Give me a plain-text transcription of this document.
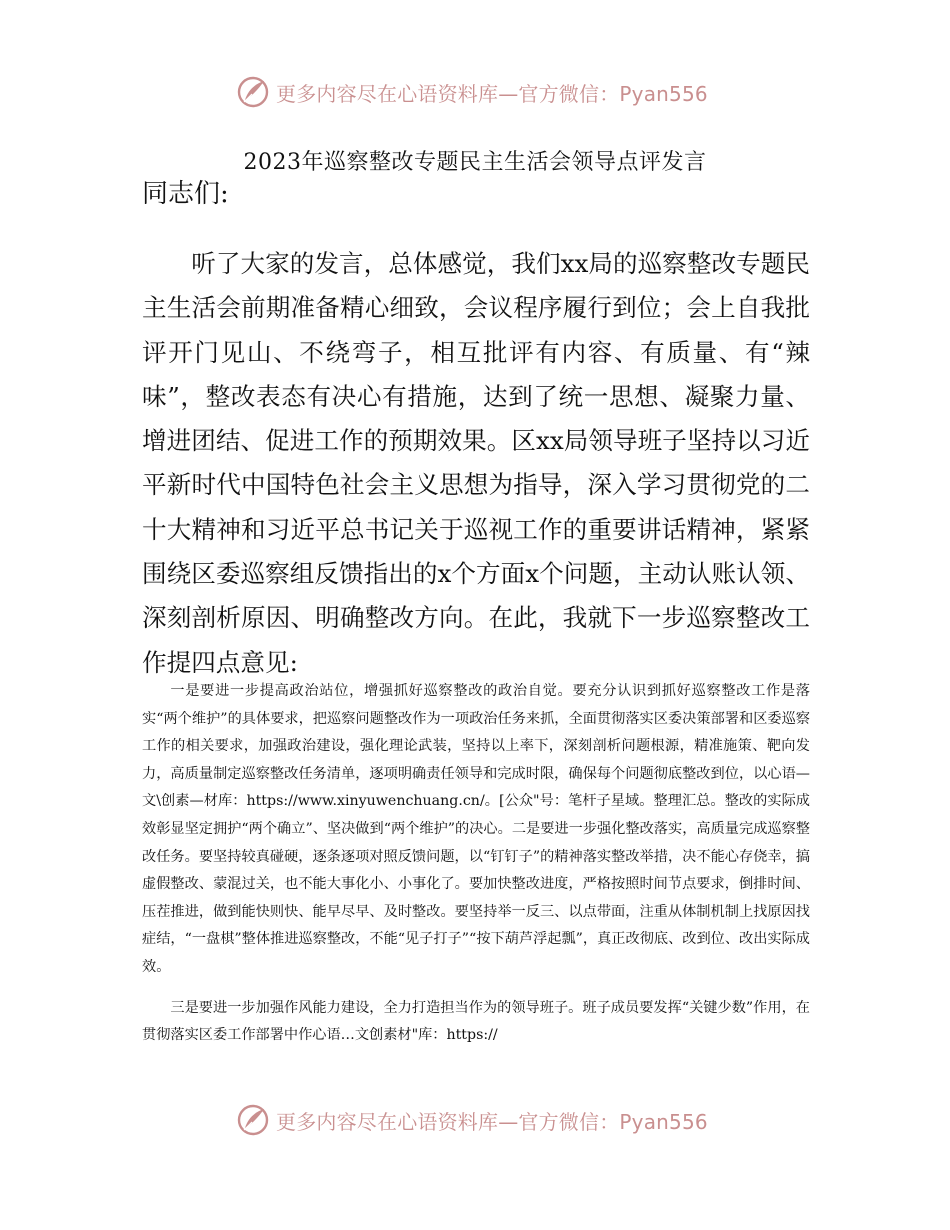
更多内容尽在心语资料库—官方微信：Pyan556
2023年巡察整改专题民主生活会领导点评发言

同志们:

听了大家的发言，总体感觉，我们xx局的巡察整改专题民主生活会前期准备精心细致，会议程序履行到位；会上自我批评开门见山、不绕弯子，相互批评有内容、有质量、有“辣味”，整改表态有决心有措施，达到了统一思想、凝聚力量、增进团结、促进工作的预期效果。区xx局领导班子坚持以习近平新时代中国特色社会主义思想为指导，深入学习贯彻党的二十大精神和习近平总书记关于巡视工作的重要讲话精神，紧紧围绕区委巡察组反馈指出的x个方面x个问题，主动认账认领、深刻剖析原因、明确整改方向。在此，我就下一步巡察整改工作提四点意见:

一是要进一步提高政治站位，增强抓好巡察整改的政治自觉。要充分认识到抓好巡察整改工作是落实“两个维护”的具体要求，把巡察问题整改作为一项政治任务来抓，全面贯彻落实区委决策部署和区委巡察工作的相关要求，加强政治建设，强化理论武装，坚持以上率下，深刻剖析问题根源，精准施策、靶向发力，高质量制定巡察整改任务清单，逐项明确责任领导和完成时限，确保每个问题彻底整改到位，以心语—文\创素—材库：https://www.xinyuwenchuang.cn/。[公众"号：笔杆子星域。整理汇总。整改的实际成效彰显坚定拥护“两个确立”、坚决做到“两个维护”的决心。二是要进一步强化整改落实，高质量完成巡察整改任务。要坚持较真碰硬，逐条逐项对照反馈问题，以“钉钉子”的精神落实整改举措，决不能心存侥幸，搞虚假整改、蒙混过关，也不能大事化小、小事化了。要加快整改进度，严格按照时间节点要求，倒排时间、压茬推进，做到能快则快、能早尽早、及时整改。要坚持举一反三、以点带面，注重从体制机制上找原因找症结，“一盘棋”整体推进巡察整改，不能“见子打子”“按下葫芦浮起瓢”，真正改彻底、改到位、改出实际成效。

三是要进一步加强作风能力建设，全力打造担当作为的领导班子。班子成员要发挥“关键少数”作用，在贯彻落实区委工作部署中作心语…文创素材"库：https://

更多内容尽在心语资料库—官方微信：Pyan556
